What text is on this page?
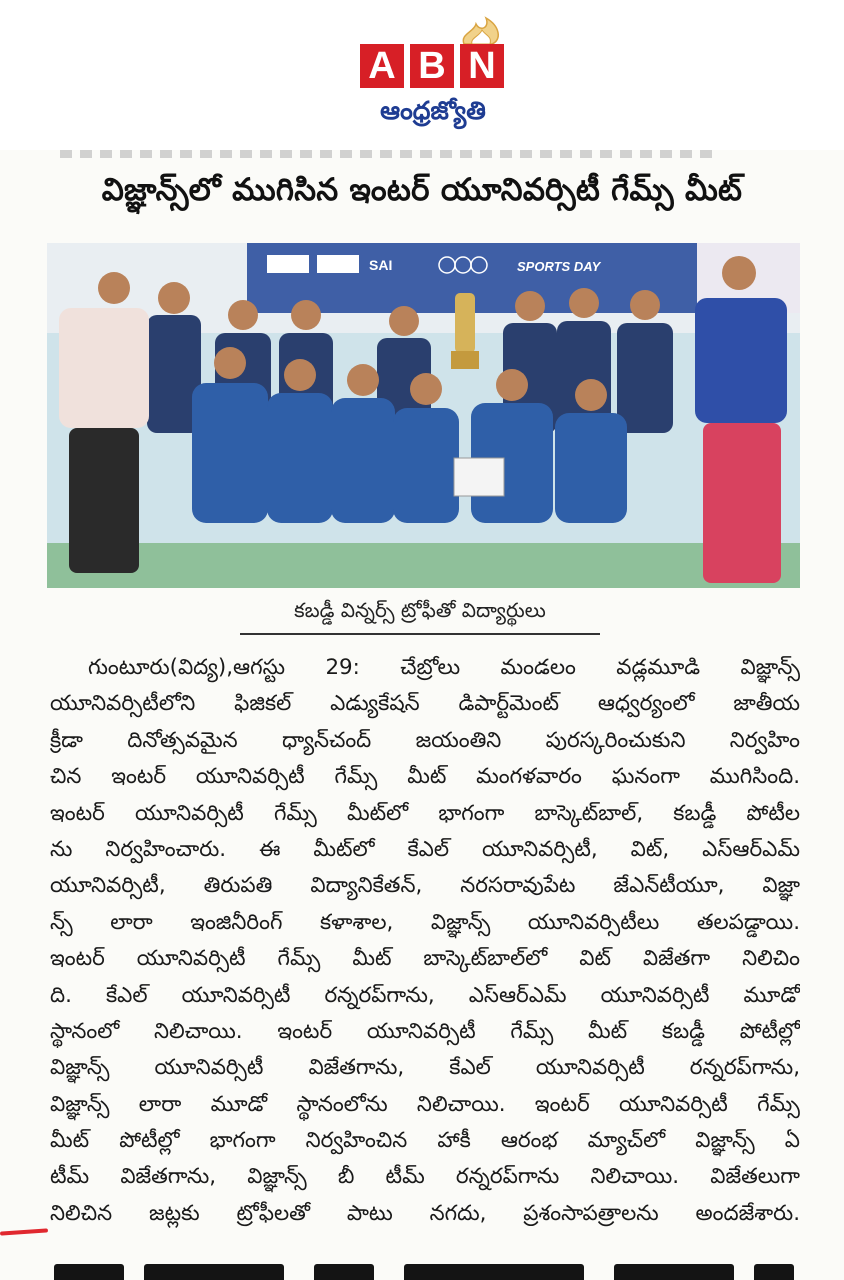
A B N
ఆంధ్రజ్యోతి
విజ్ఞాన్స్‌లో ముగిసిన ఇంటర్ యూనివర్సిటీ గేమ్స్ మీట్
SAI	SPORTS DAY
కబడ్డీ విన్నర్స్ ట్రోఫీతో విద్యార్థులు
గుంటూరు(విద్య),ఆగస్టు 29: చేబ్రోలు మండలం వడ్లమూడి విజ్ఞాన్స్
యూనివర్సిటీలోని ఫిజికల్ ఎడ్యుకేషన్ డిపార్ట్‌మెంట్ ఆధ్వర్యంలో జాతీయ
క్రీడా దినోత్సవమైన ధ్యాన్‌చంద్ జయంతిని పురస్కరించుకుని నిర్వహిం
చిన ఇంటర్ యూనివర్సిటీ గేమ్స్ మీట్ మంగళవారం ఘనంగా ముగిసింది.
ఇంటర్ యూనివర్సిటీ గేమ్స్ మీట్‌లో భాగంగా బాస్కెట్‌బాల్, కబడ్డీ పోటీల
ను నిర్వహించారు. ఈ మీట్‌లో కేఎల్ యూనివర్సిటీ, విట్, ఎస్ఆర్ఎమ్
యూనివర్సిటీ, తిరుపతి విద్యానికేతన్, నరసరావుపేట జేఎన్‌టీయూ, విజ్ఞా
న్స్ లారా ఇంజినీరింగ్ కళాశాల, విజ్ఞాన్స్ యూనివర్సిటీలు తలపడ్డాయి.
ఇంటర్ యూనివర్సిటీ గేమ్స్ మీట్ బాస్కెట్‌బాల్‌లో విట్ విజేతగా నిలిచిం
ది. కేఎల్ యూనివర్సిటీ రన్నరప్‌గాను, ఎస్ఆర్ఎమ్ యూనివర్సిటీ మూడో
స్థానంలో నిలిచాయి. ఇంటర్ యూనివర్సిటీ గేమ్స్ మీట్ కబడ్డీ పోటీల్లో
విజ్ఞాన్స్ యూనివర్సిటీ విజేతగాను, కేఎల్ యూనివర్సిటీ రన్నరప్‌గాను,
విజ్ఞాన్స్ లారా మూడో స్థానంలోను నిలిచాయి. ఇంటర్ యూనివర్సిటీ గేమ్స్
మీట్ పోటీల్లో భాగంగా నిర్వహించిన హాకీ ఆరంభ మ్యాచ్‌లో విజ్ఞాన్స్ ఏ
టీమ్ విజేతగాను, విజ్ఞాన్స్ బీ టీమ్ రన్నరప్‌గాను నిలిచాయి. విజేతలుగా
నిలిచిన జట్లకు ట్రోఫీలతో పాటు నగదు, ప్రశంసాపత్రాలను అందజేశారు.
